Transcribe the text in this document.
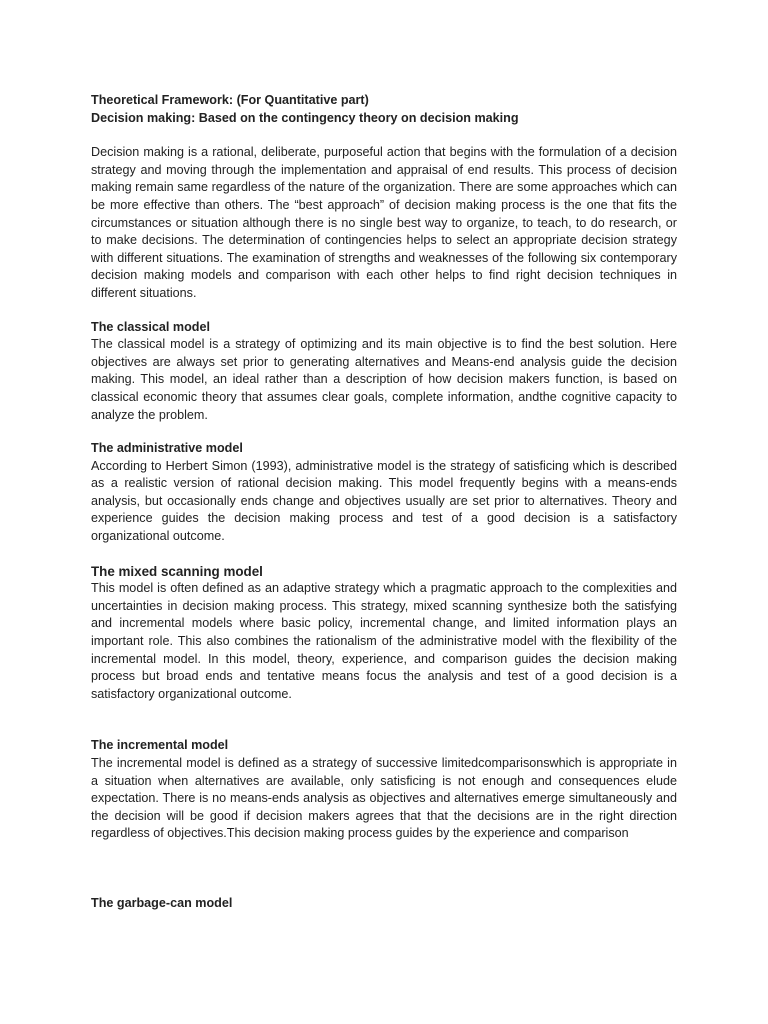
Theoretical Framework: (For Quantitative part)

Decision making: Based on the contingency theory on decision making

Decision making is a rational, deliberate, purposeful action that begins with the formulation of a decision strategy and moving through the implementation and appraisal of end results. This process of decision making remain same regardless of the nature of the organization. There are some approaches which can be more effective than others. The “best approach” of decision making process is the one that fits the circumstances or situation although there is no single best way to organize, to teach, to do research, or to make decisions. The determination of contingencies helps to select an appropriate decision strategy with different situations. The examination of strengths and weaknesses of the following six contemporary decision making models and comparison with each other helps to find right decision techniques in different situations.

The classical model

The classical model is a strategy of optimizing and its main objective is to find the best solution. Here objectives are always set prior to generating alternatives and Means-end analysis guide the decision making. This model, an ideal rather than a description of how decision makers function, is based on classical economic theory that assumes clear goals, complete information, andthe cognitive capacity to analyze the problem.

The administrative model

According to Herbert Simon (1993), administrative model is the strategy of satisficing which is described as a realistic version of rational decision making. This model frequently begins with a means-ends analysis, but occasionally ends change and objectives usually are set prior to alternatives. Theory and experience guides the decision making process and test of a good decision is a satisfactory organizational outcome.

The mixed scanning model

This model is often defined as an adaptive strategy which a pragmatic approach to the complexities and uncertainties in decision making process. This strategy, mixed scanning synthesize both the satisfying and incremental models where basic policy, incremental change, and limited information plays an important role. This also combines the rationalism of the administrative model with the flexibility of the incremental model. In this model, theory, experience, and comparison guides the decision making process but broad ends and tentative means focus the analysis and test of a good decision is a satisfactory organizational outcome.

The incremental model

The incremental model is defined as a strategy of successive limitedcomparisonswhich is appropriate in a situation when alternatives are available, only satisficing is not enough and consequences elude expectation. There is no means-ends analysis as objectives and alternatives emerge simultaneously and the decision will be good if decision makers agrees that that the decisions are in the right direction regardless of objectives.This decision making process guides by the experience and comparison

The garbage-can model
